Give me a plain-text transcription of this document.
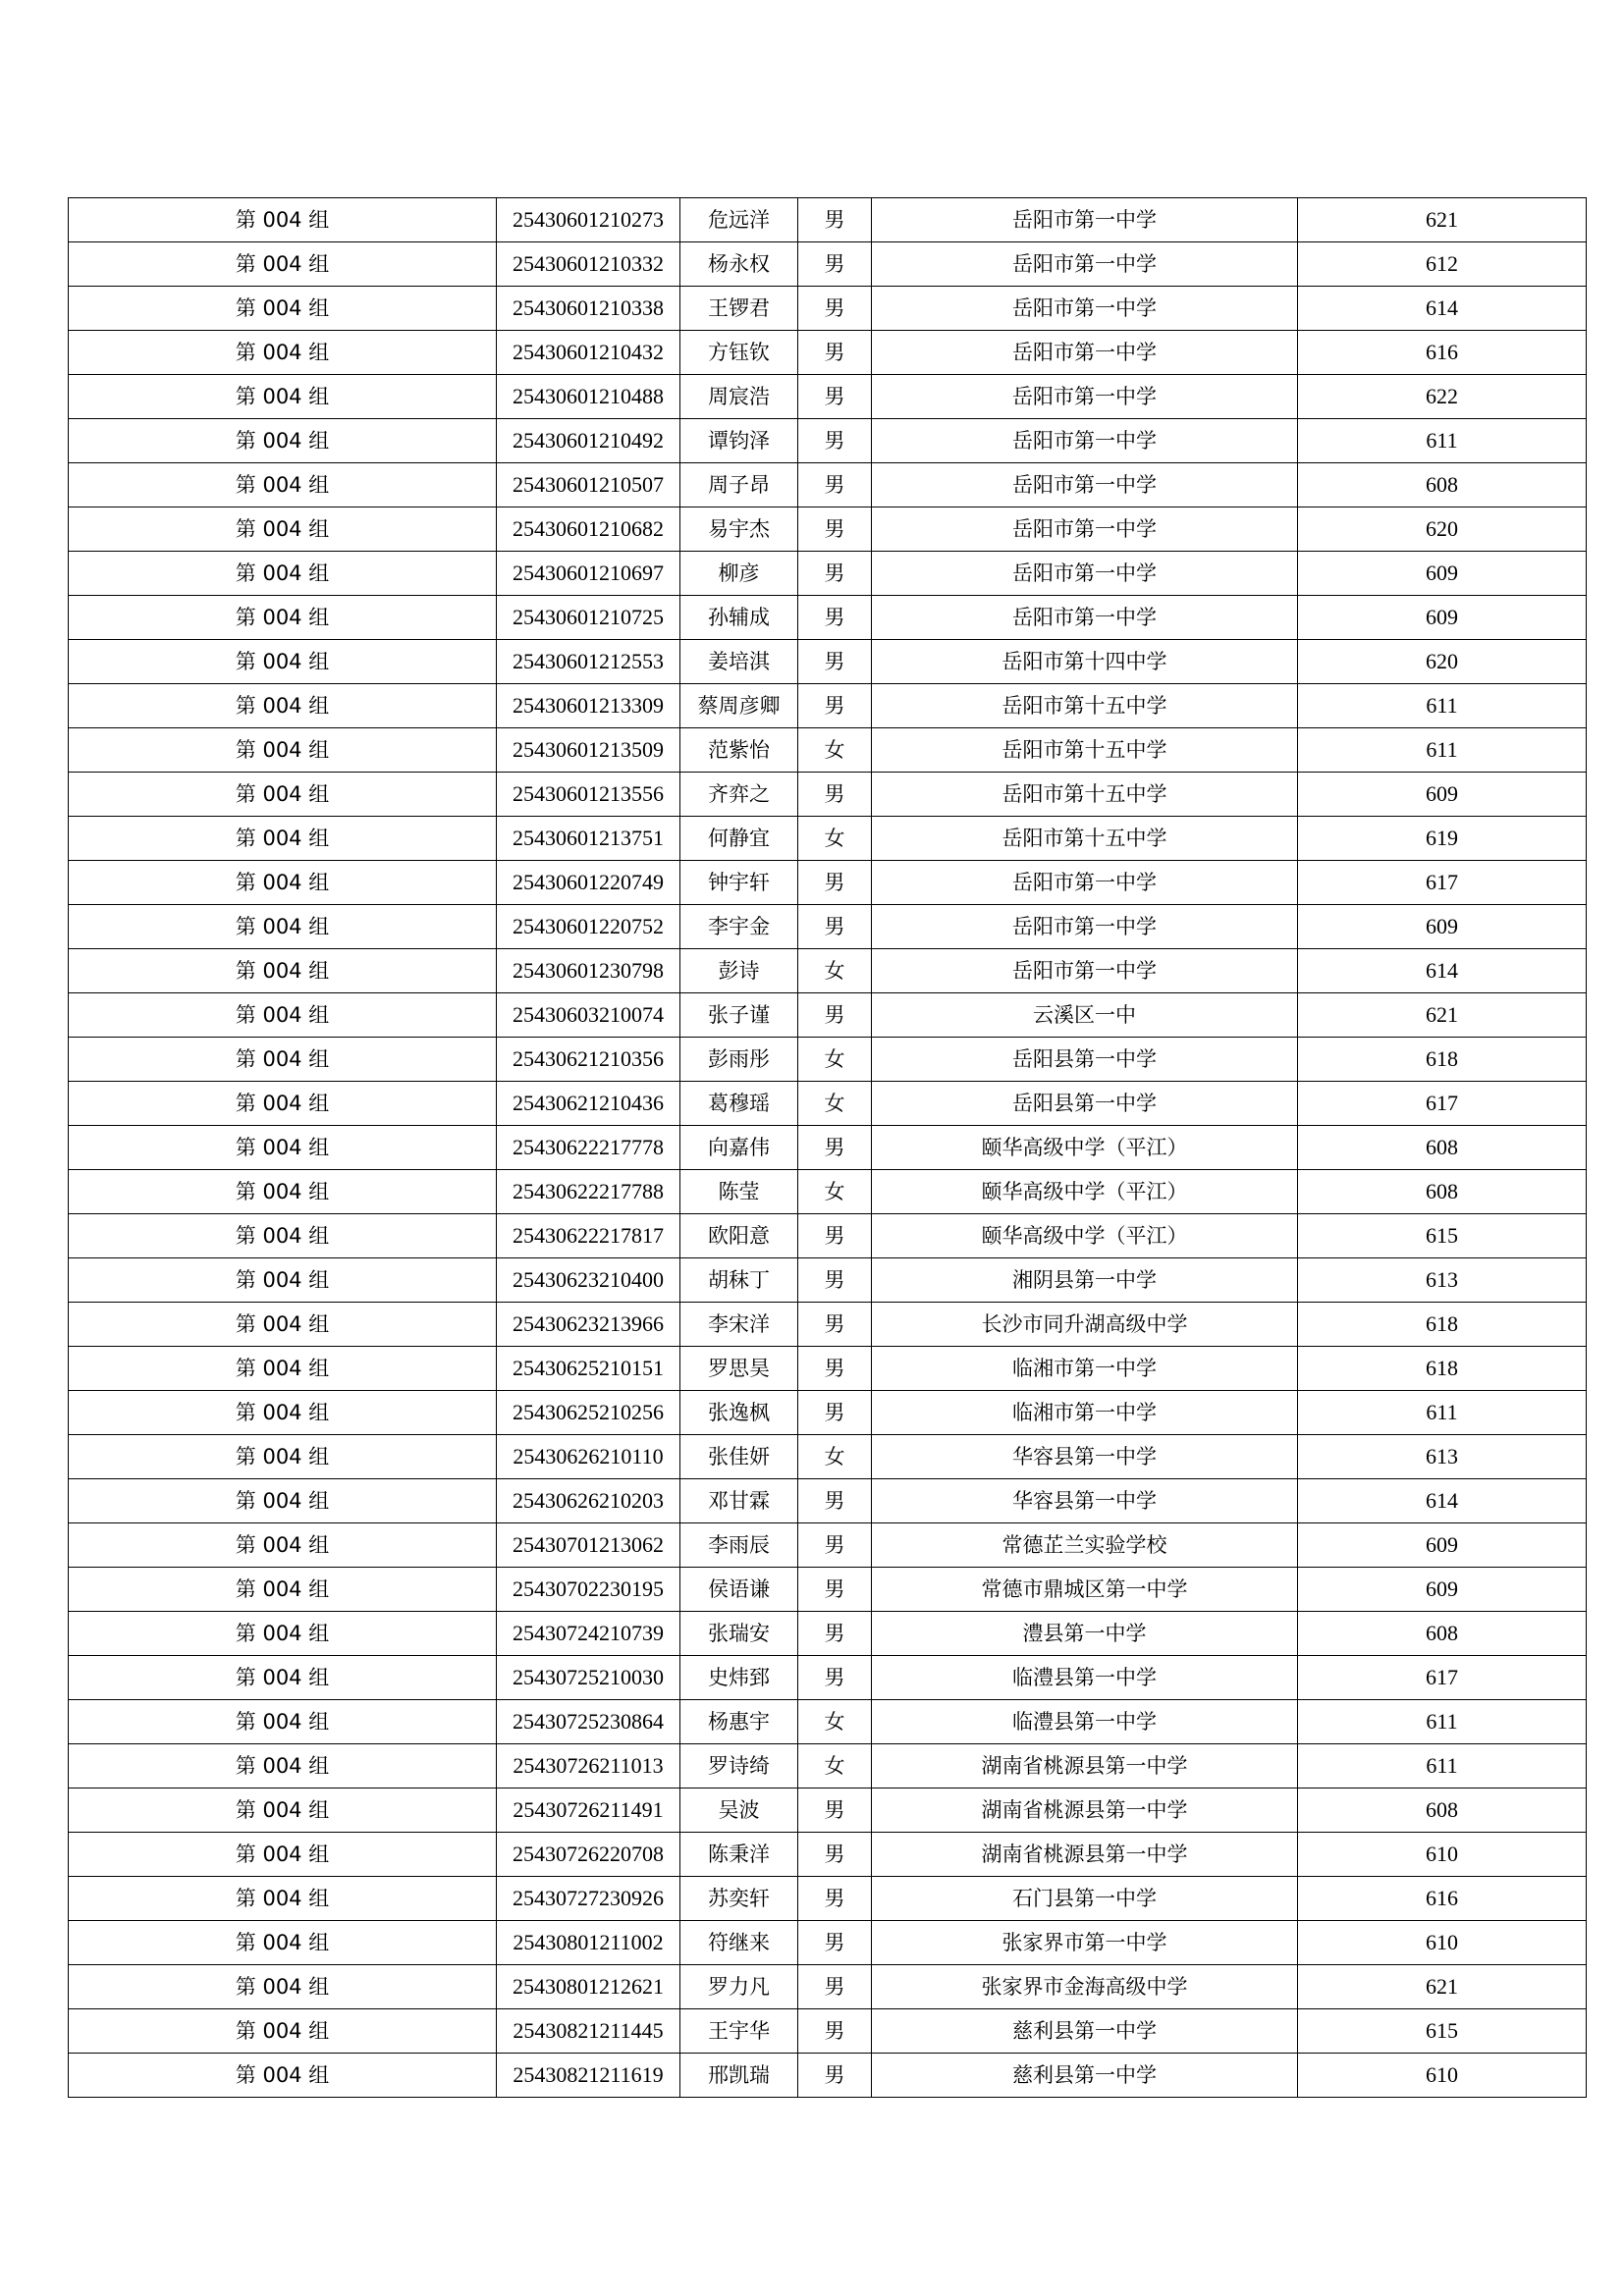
第 004 组	25430601210273	危远洋	男	岳阳市第一中学	621
第 004 组	25430601210332	杨永权	男	岳阳市第一中学	612
第 004 组	25430601210338	王锣君	男	岳阳市第一中学	614
第 004 组	25430601210432	方钰钦	男	岳阳市第一中学	616
第 004 组	25430601210488	周宸浩	男	岳阳市第一中学	622
第 004 组	25430601210492	谭钧泽	男	岳阳市第一中学	611
第 004 组	25430601210507	周子昂	男	岳阳市第一中学	608
第 004 组	25430601210682	易宇杰	男	岳阳市第一中学	620
第 004 组	25430601210697	柳彦	男	岳阳市第一中学	609
第 004 组	25430601210725	孙辅成	男	岳阳市第一中学	609
第 004 组	25430601212553	姜培淇	男	岳阳市第十四中学	620
第 004 组	25430601213309	蔡周彦卿	男	岳阳市第十五中学	611
第 004 组	25430601213509	范紫怡	女	岳阳市第十五中学	611
第 004 组	25430601213556	齐弈之	男	岳阳市第十五中学	609
第 004 组	25430601213751	何静宜	女	岳阳市第十五中学	619
第 004 组	25430601220749	钟宇轩	男	岳阳市第一中学	617
第 004 组	25430601220752	李宇金	男	岳阳市第一中学	609
第 004 组	25430601230798	彭诗	女	岳阳市第一中学	614
第 004 组	25430603210074	张子谨	男	云溪区一中	621
第 004 组	25430621210356	彭雨彤	女	岳阳县第一中学	618
第 004 组	25430621210436	葛穆瑶	女	岳阳县第一中学	617
第 004 组	25430622217778	向嘉伟	男	颐华高级中学（平江）	608
第 004 组	25430622217788	陈莹	女	颐华高级中学（平江）	608
第 004 组	25430622217817	欧阳意	男	颐华高级中学（平江）	615
第 004 组	25430623210400	胡秣丁	男	湘阴县第一中学	613
第 004 组	25430623213966	李宋洋	男	长沙市同升湖高级中学	618
第 004 组	25430625210151	罗思昊	男	临湘市第一中学	618
第 004 组	25430625210256	张逸枫	男	临湘市第一中学	611
第 004 组	25430626210110	张佳妍	女	华容县第一中学	613
第 004 组	25430626210203	邓甘霖	男	华容县第一中学	614
第 004 组	25430701213062	李雨辰	男	常德芷兰实验学校	609
第 004 组	25430702230195	侯语谦	男	常德市鼎城区第一中学	609
第 004 组	25430724210739	张瑞安	男	澧县第一中学	608
第 004 组	25430725210030	史炜郅	男	临澧县第一中学	617
第 004 组	25430725230864	杨惠宇	女	临澧县第一中学	611
第 004 组	25430726211013	罗诗绮	女	湖南省桃源县第一中学	611
第 004 组	25430726211491	吴波	男	湖南省桃源县第一中学	608
第 004 组	25430726220708	陈秉洋	男	湖南省桃源县第一中学	610
第 004 组	25430727230926	苏奕轩	男	石门县第一中学	616
第 004 组	25430801211002	符继来	男	张家界市第一中学	610
第 004 组	25430801212621	罗力凡	男	张家界市金海高级中学	621
第 004 组	25430821211445	王宇华	男	慈利县第一中学	615
第 004 组	25430821211619	邢凯瑞	男	慈利县第一中学	610
